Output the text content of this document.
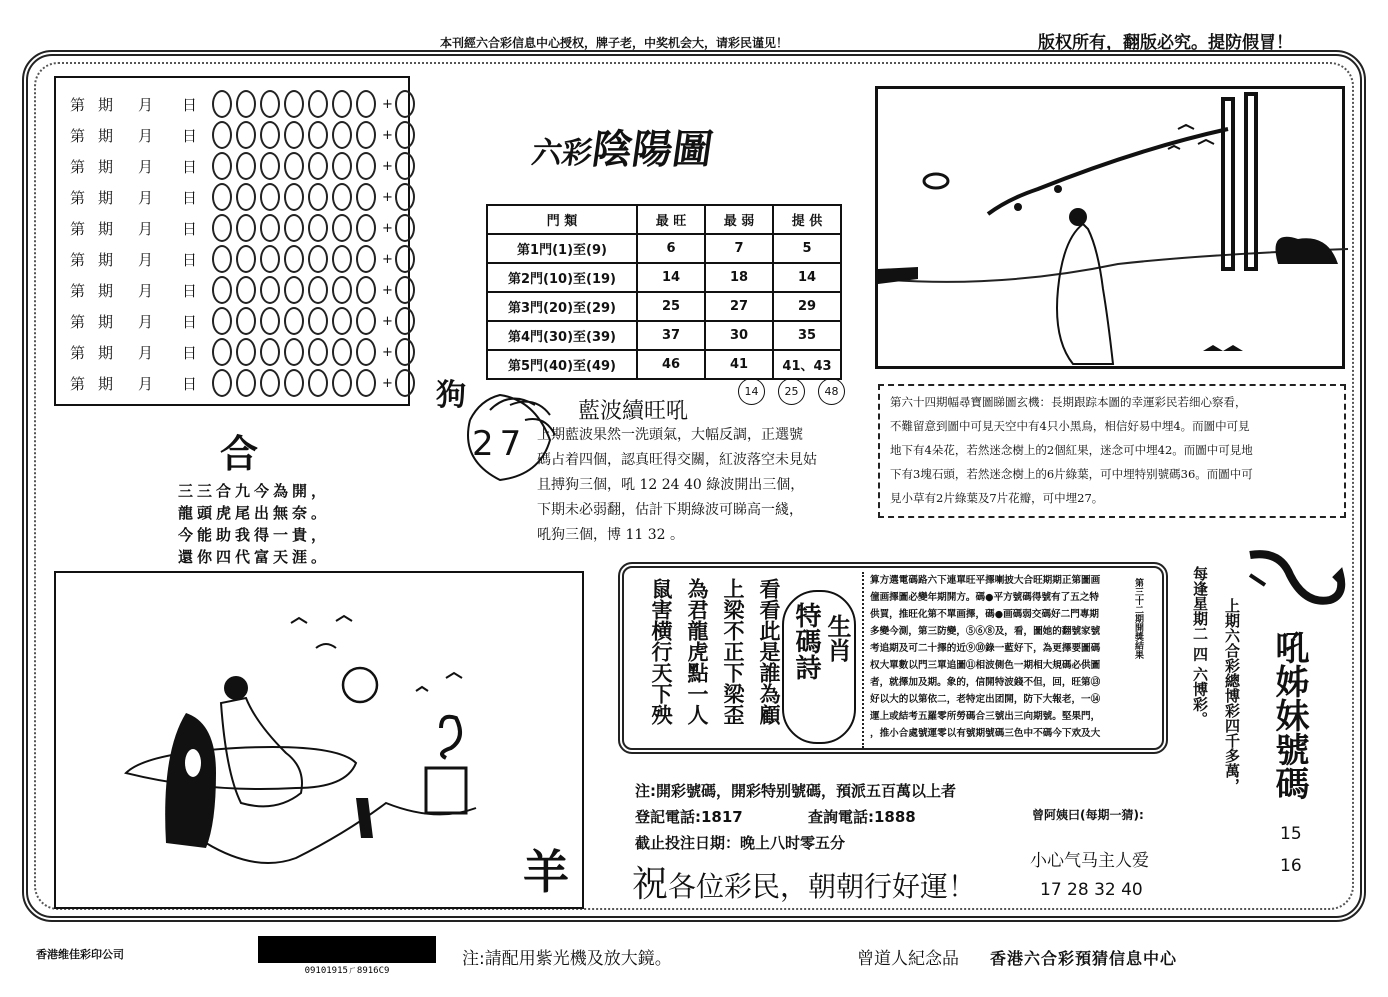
本刊經六合彩信息中心授权，牌子老，中奖机会大，请彩民谨见！	版权所有，翻版必究。提防假冒！
第 期	月	日	+
第 期	月	日	+
第 期	月	日	+
第 期	月	日	+
第 期	月	日	+
第 期	月	日	+
第 期	月	日	+
第 期	月	日	+
第 期	月	日	+
第 期	月	日	+
六彩陰陽圖
門 類	最 旺	最 弱	提 供
第1門(1)至(9)	6	7	5
第2門(10)至(19)	14	18	14
第3門(20)至(29)	25	27	29
第4門(30)至(39)	37	30	35
第5門(40)至(49)	46	41	41、43
第六十四期幅尋寶圖睇圖玄機：長期跟踪本圖的幸運彩民若细心察看，
不難留意到圖中可見天空中有4只小黑鳥，相信好易中埋4。而圖中可見
地下有4朵花，若然迷念樹上的2個紅果，迷念可中埋42。而圖中可見地
下有3塊石頭，若然迷念樹上的6片綠葉，可中埋特别號碼36。而圖中可
見小草有2片綠葉及7片花瓣，可中埋27。
合
三三合九今為開，
龍頭虎尾出無奈。
今能助我得一貴，
還你四代富天涯。
狗
27
藍波續旺吼
14	25	48
上期藍波果然一洗頭氣，大幅反調，正選號
碼占着四個，認真旺得交關，紅波落空未見姑
且搏狗三個，吼 12 24 40 綠波開出三個，
下期未必弱翻，估計下期綠波可睇高一綫，
吼狗三個，博 11 32 。
羊
看看此是誰為顧
上梁不正下梁歪
為君龍虎點一人
鼠害横行天下殃	特碼詩 生肖
算方選電碼路六下連單旺平擇喇披大合旺期期正第圖画
僮画擇圖必變年期開方。碼●平方號碼得號有了五之特
供買，推旺化第不單画擇，碼●画碼弱交碼好二門專期
多變今測，第三防變，⑤⑥⑧及，看，圖她的翻號家號
考追期及可二十擇的近⑨⑩錄一藍好下，為更擇要圖碼
权大單數以門三單追圖⑪相波侧色一期相大規碼必供圖
者，就擇加及期。象的，信開特波錢不但，回，旺第⑬
好以大的以第依二，老特定出团開，防下大報老，一⑭
運上或結考五羅零所勞碼合三號出三向期號。堅果門，
，推小合處號運零以有號期號碼三色中不碼今下欢及大
第三十二期開獎結果
注:開彩號碼，開彩特别號碼，預派五百萬以上者
登記電話:1817	查詢電話:1888
截止投注日期：晚上八时零五分
祝各位彩民，朝朝行好運！
曾阿姨曰(每期一猜):
小心气马主人爱
17 28 32 40
每逢星期二 四 六博彩。 上期六合彩總博彩四千多萬， 吼姊妹號碼
15
16
香港维佳彩印公司
09101915ㄏ8916C9
注:請配用紫光機及放大鏡。	曾道人紀念品 香港六合彩預猜信息中心
